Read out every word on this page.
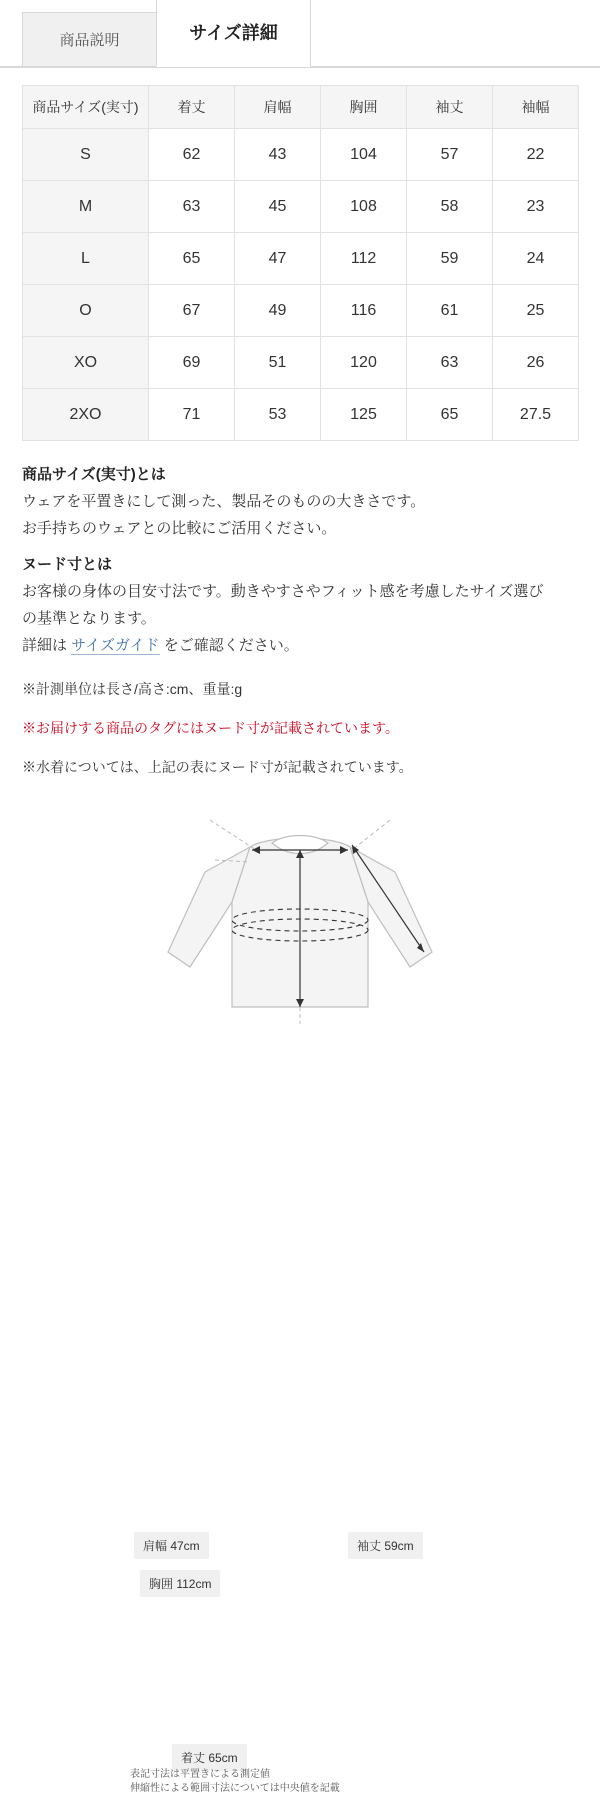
商品説明	サイズ詳細
商品サイズ(実寸)	着丈	肩幅	胸囲	袖丈	袖幅
S	62	43	104	57	22
M	63	45	108	58	23
L	65	47	112	59	24
O	67	49	116	61	25
XO	69	51	120	63	26
2XO	71	53	125	65	27.5
商品サイズ(実寸)とは

ウェアを平置きにして測った、製品そのものの大きさです。

お手持ちのウェアとの比較にご活用ください。

ヌード寸とは

お客様の身体の目安寸法です。動きやすさやフィット感を考慮したサイズ選び

の基準となります。

詳細は サイズガイド をご確認ください。

※計測単位は長さ/高さ:cm、重量:g

※お届けする商品のタグにはヌード寸が記載されています。

※水着については、上記の表にヌード寸が記載されています。

肩幅 47cm
胸囲 112cm
袖丈 59cm
着丈 65cm
表記寸法は平置きによる測定値
伸縮性による範囲寸法については中央値を記載
